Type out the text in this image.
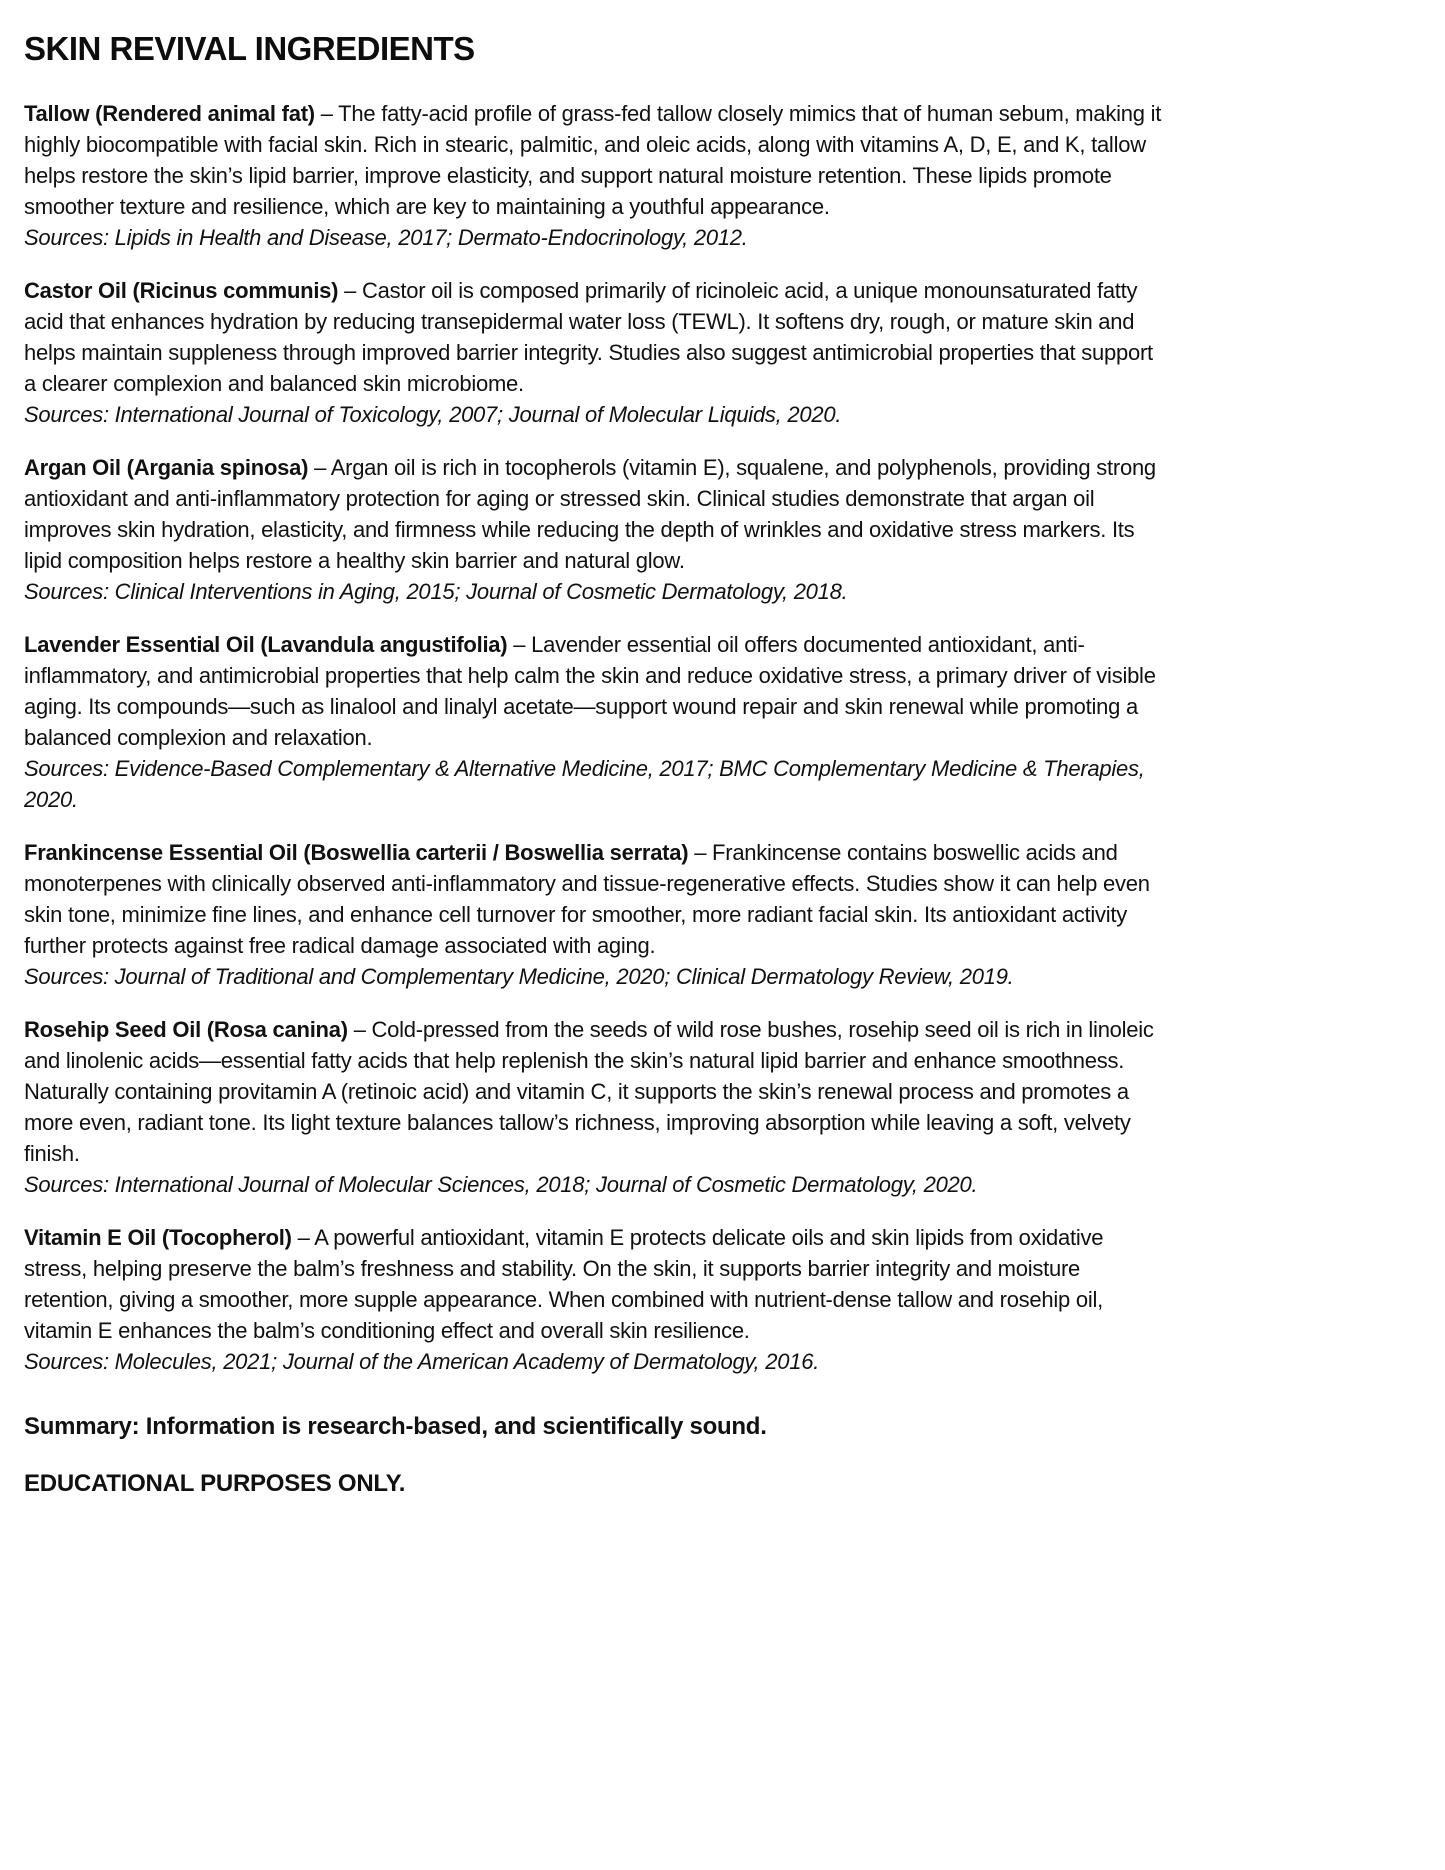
SKIN REVIVAL INGREDIENTS

Tallow (Rendered animal fat) – The fatty-acid profile of grass-fed tallow closely mimics that of human sebum, making it highly biocompatible with facial skin. Rich in stearic, palmitic, and oleic acids, along with vitamins A, D, E, and K, tallow helps restore the skin’s lipid barrier, improve elasticity, and support natural moisture retention. These lipids promote smoother texture and resilience, which are key to maintaining a youthful appearance.

Sources: Lipids in Health and Disease, 2017; Dermato-Endocrinology, 2012.

Castor Oil (Ricinus communis) – Castor oil is composed primarily of ricinoleic acid, a unique monounsaturated fatty acid that enhances hydration by reducing transepidermal water loss (TEWL). It softens dry, rough, or mature skin and helps maintain suppleness through improved barrier integrity. Studies also suggest antimicrobial properties that support a clearer complexion and balanced skin microbiome.

Sources: International Journal of Toxicology, 2007; Journal of Molecular Liquids, 2020.

Argan Oil (Argania spinosa) – Argan oil is rich in tocopherols (vitamin E), squalene, and polyphenols, providing strong antioxidant and anti-inflammatory protection for aging or stressed skin. Clinical studies demonstrate that argan oil improves skin hydration, elasticity, and firmness while reducing the depth of wrinkles and oxidative stress markers. Its lipid composition helps restore a healthy skin barrier and natural glow.

Sources: Clinical Interventions in Aging, 2015; Journal of Cosmetic Dermatology, 2018.

Lavender Essential Oil (Lavandula angustifolia) – Lavender essential oil offers documented antioxidant, anti-inflammatory, and antimicrobial properties that help calm the skin and reduce oxidative stress, a primary driver of visible aging. Its compounds—such as linalool and linalyl acetate—support wound repair and skin renewal while promoting a balanced complexion and relaxation.

Sources: Evidence-Based Complementary & Alternative Medicine, 2017; BMC Complementary Medicine & Therapies, 2020.

Frankincense Essential Oil (Boswellia carterii / Boswellia serrata) – Frankincense contains boswellic acids and monoterpenes with clinically observed anti-inflammatory and tissue-regenerative effects. Studies show it can help even skin tone, minimize fine lines, and enhance cell turnover for smoother, more radiant facial skin. Its antioxidant activity further protects against free radical damage associated with aging.

Sources: Journal of Traditional and Complementary Medicine, 2020; Clinical Dermatology Review, 2019.

Rosehip Seed Oil (Rosa canina) – Cold-pressed from the seeds of wild rose bushes, rosehip seed oil is rich in linoleic and linolenic acids—essential fatty acids that help replenish the skin’s natural lipid barrier and enhance smoothness. Naturally containing provitamin A (retinoic acid) and vitamin C, it supports the skin’s renewal process and promotes a more even, radiant tone. Its light texture balances tallow’s richness, improving absorption while leaving a soft, velvety finish.

Sources: International Journal of Molecular Sciences, 2018; Journal of Cosmetic Dermatology, 2020.

Vitamin E Oil (Tocopherol) – A powerful antioxidant, vitamin E protects delicate oils and skin lipids from oxidative stress, helping preserve the balm’s freshness and stability. On the skin, it supports barrier integrity and moisture retention, giving a smoother, more supple appearance. When combined with nutrient-dense tallow and rosehip oil, vitamin E enhances the balm’s conditioning effect and overall skin resilience.

Sources: Molecules, 2021; Journal of the American Academy of Dermatology, 2016.

Summary: Information is research-based, and scientifically sound.

EDUCATIONAL PURPOSES ONLY.
